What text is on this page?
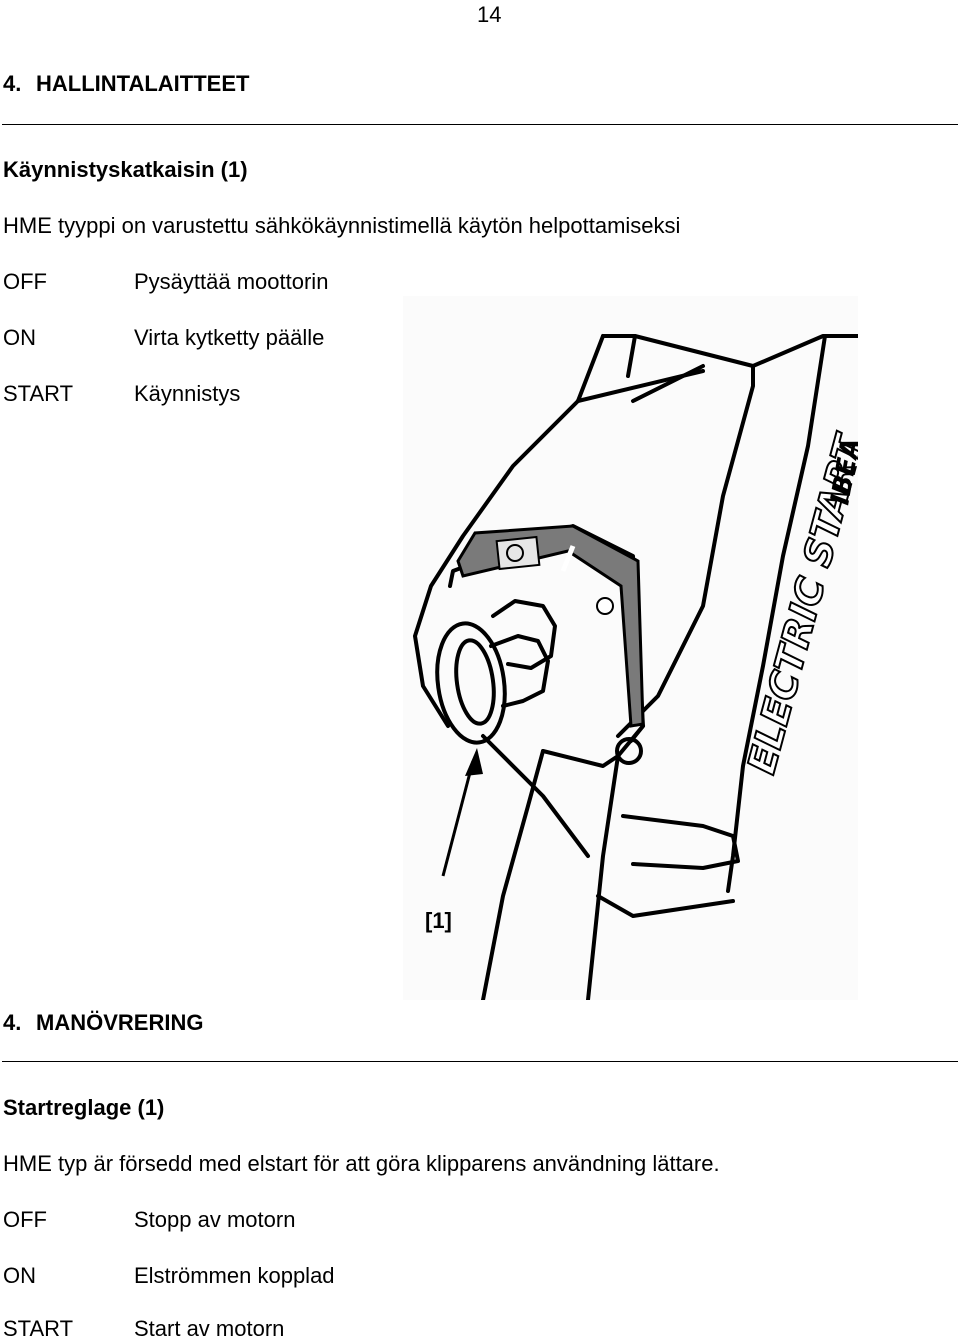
14
4. HALLINTALAITTEET
Käynnistyskatkaisin (1)
HME tyyppi on varustettu sähkökäynnistimellä käytön helpottamiseksi
OFF	Pysäyttää moottorin
ON	Virta kytketty päälle
START	Käynnistys
ELECTRIC START
IBEA
[1]
4. MANÖVRERING
Startreglage (1)
HME typ är försedd med elstart för att göra klipparens användning lättare.
OFF	Stopp av motorn
ON	Elströmmen kopplad
START	Start av motorn
